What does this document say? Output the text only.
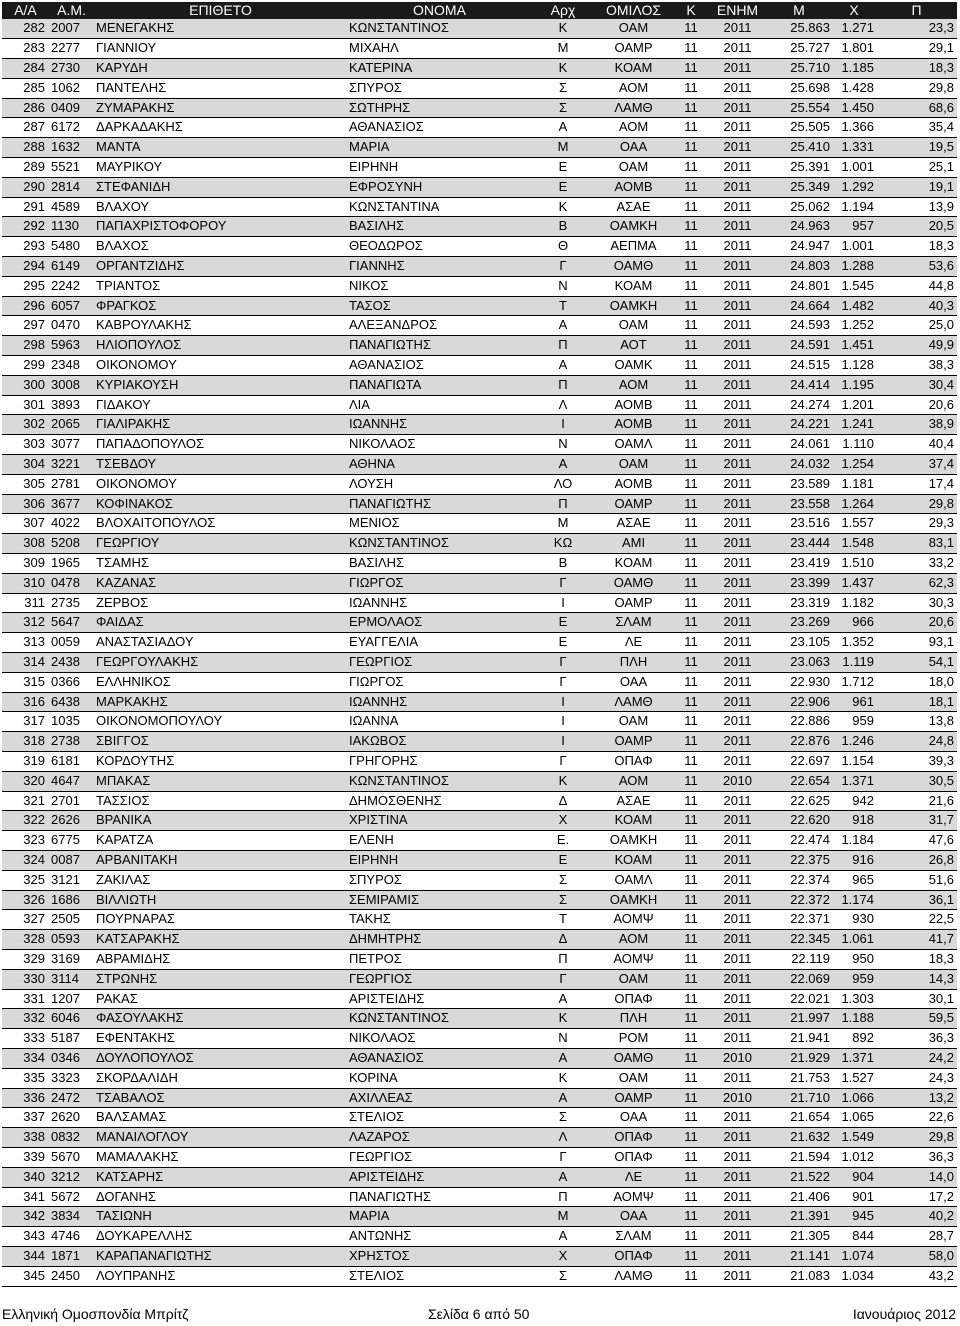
Α/Α	Α.Μ.	ΕΠΙΘΕΤΟ	ΟΝΟΜΑ	Αρχ	ΟΜΙΛΟΣ	Κ	ΕΝΗΜ	Μ	Χ	Π
282	2007	ΜΕΝΕΓΑΚΗΣ	ΚΩΝΣΤΑΝΤΙΝΟΣ	Κ	ΟΑΜ	11	2011	25.863	1.271	23,3
283	2277	ΓΙΑΝΝΙΟΥ	ΜΙΧΑΗΛ	Μ	ΟΑΜΡ	11	2011	25.727	1.801	29,1
284	2730	ΚΑΡΥΔΗ	ΚΑΤΕΡΙΝΑ	Κ	ΚΟΑΜ	11	2011	25.710	1.185	18,3
285	1062	ΠΑΝΤΕΛΗΣ	ΣΠΥΡΟΣ	Σ	ΑΟΜ	11	2011	25.698	1.428	29,8
286	0409	ΖΥΜΑΡΑΚΗΣ	ΣΩΤΗΡΗΣ	Σ	ΛΑΜΘ	11	2011	25.554	1.450	68,6
287	6172	ΔΑΡΚΑΔΑΚΗΣ	ΑΘΑΝΑΣΙΟΣ	Α	ΑΟΜ	11	2011	25.505	1.366	35,4
288	1632	ΜΑΝΤΑ	ΜΑΡΙΑ	Μ	ΟΑΑ	11	2011	25.410	1.331	19,5
289	5521	ΜΑΥΡΙΚΟΥ	ΕΙΡΗΝΗ	Ε	ΟΑΜ	11	2011	25.391	1.001	25,1
290	2814	ΣΤΕΦΑΝΙΔΗ	ΕΦΡΟΣΥΝΗ	Ε	ΑΟΜΒ	11	2011	25.349	1.292	19,1
291	4589	ΒΛΑΧΟΥ	ΚΩΝΣΤΑΝΤΙΝΑ	Κ	ΑΣΑΕ	11	2011	25.062	1.194	13,9
292	1130	ΠΑΠΑΧΡΙΣΤΟΦΟΡΟΥ	ΒΑΣΙΛΗΣ	Β	ΟΑΜΚΗ	11	2011	24.963	957	20,5
293	5480	ΒΛΑΧΟΣ	ΘΕΟΔΩΡΟΣ	Θ	ΑΕΠΜΑ	11	2011	24.947	1.001	18,3
294	6149	ΟΡΓΑΝΤΖΙΔΗΣ	ΓΙΑΝΝΗΣ	Γ	ΟΑΜΘ	11	2011	24.803	1.288	53,6
295	2242	ΤΡΙΑΝΤΟΣ	ΝΙΚΟΣ	Ν	ΚΟΑΜ	11	2011	24.801	1.545	44,8
296	6057	ΦΡΑΓΚΟΣ	ΤΑΣΟΣ	Τ	ΟΑΜΚΗ	11	2011	24.664	1.482	40,3
297	0470	ΚΑΒΡΟΥΛΑΚΗΣ	ΑΛΕΞΑΝΔΡΟΣ	Α	ΟΑΜ	11	2011	24.593	1.252	25,0
298	5963	ΗΛΙΟΠΟΥΛΟΣ	ΠΑΝΑΓΙΩΤΗΣ	Π	ΑΟΤ	11	2011	24.591	1.451	49,9
299	2348	ΟΙΚΟΝΟΜΟΥ	ΑΘΑΝΑΣΙΟΣ	Α	ΟΑΜΚ	11	2011	24.515	1.128	38,3
300	3008	ΚΥΡΙΑΚΟΥΣΗ	ΠΑΝΑΓΙΩΤΑ	Π	ΑΟΜ	11	2011	24.414	1.195	30,4
301	3893	ΓΙΔΑΚΟΥ	ΛΙΑ	Λ	ΑΟΜΒ	11	2011	24.274	1.201	20,6
302	2065	ΓΙΑΛΙΡΑΚΗΣ	ΙΩΑΝΝΗΣ	Ι	ΑΟΜΒ	11	2011	24.221	1.241	38,9
303	3077	ΠΑΠΑΔΟΠΟΥΛΟΣ	ΝΙΚΟΛΑΟΣ	Ν	ΟΑΜΛ	11	2011	24.061	1.110	40,4
304	3221	ΤΣΕΒΔΟΥ	ΑΘΗΝΑ	Α	ΟΑΜ	11	2011	24.032	1.254	37,4
305	2781	ΟΙΚΟΝΟΜΟΥ	ΛΟΥΣΗ	ΛΟ	ΑΟΜΒ	11	2011	23.589	1.181	17,4
306	3677	ΚΟΦΙΝΑΚΟΣ	ΠΑΝΑΓΙΩΤΗΣ	Π	ΟΑΜΡ	11	2011	23.558	1.264	29,8
307	4022	ΒΛΟΧΑΙΤΟΠΟΥΛΟΣ	ΜΕΝΙΟΣ	Μ	ΑΣΑΕ	11	2011	23.516	1.557	29,3
308	5208	ΓΕΩΡΓΙΟΥ	ΚΩΝΣΤΑΝΤΙΝΟΣ	ΚΩ	ΑΜΙ	11	2011	23.444	1.548	83,1
309	1965	ΤΣΑΜΗΣ	ΒΑΣΙΛΗΣ	Β	ΚΟΑΜ	11	2011	23.419	1.510	33,2
310	0478	ΚΑΖΑΝΑΣ	ΓΙΩΡΓΟΣ	Γ	ΟΑΜΘ	11	2011	23.399	1.437	62,3
311	2735	ΖΕΡΒΟΣ	ΙΩΑΝΝΗΣ	Ι	ΟΑΜΡ	11	2011	23.319	1.182	30,3
312	5647	ΦΑΙΔΑΣ	ΕΡΜΟΛΑΟΣ	Ε	ΣΛΑΜ	11	2011	23.269	966	20,6
313	0059	ΑΝΑΣΤΑΣΙΑΔΟΥ	ΕΥΑΓΓΕΛΙΑ	Ε	ΛΕ	11	2011	23.105	1.352	93,1
314	2438	ΓΕΩΡΓΟΥΛΑΚΗΣ	ΓΕΩΡΓΙΟΣ	Γ	ΠΛΗ	11	2011	23.063	1.119	54,1
315	0366	ΕΛΛΗΝΙΚΟΣ	ΓΙΩΡΓΟΣ	Γ	ΟΑΑ	11	2011	22.930	1.712	18,0
316	6438	ΜΑΡΚΑΚΗΣ	ΙΩΑΝΝΗΣ	Ι	ΛΑΜΘ	11	2011	22.906	961	18,1
317	1035	ΟΙΚΟΝΟΜΟΠΟΥΛΟΥ	ΙΩΑΝΝΑ	Ι	ΟΑΜ	11	2011	22.886	959	13,8
318	2738	ΣΒΙΓΓΟΣ	ΙΑΚΩΒΟΣ	Ι	ΟΑΜΡ	11	2011	22.876	1.246	24,8
319	6181	ΚΟΡΔΟΥΤΗΣ	ΓΡΗΓΟΡΗΣ	Γ	ΟΠΑΦ	11	2011	22.697	1.154	39,3
320	4647	ΜΠΑΚΑΣ	ΚΩΝΣΤΑΝΤΙΝΟΣ	Κ	ΑΟΜ	11	2010	22.654	1.371	30,5
321	2701	ΤΑΣΣΙΟΣ	ΔΗΜΟΣΘΕΝΗΣ	Δ	ΑΣΑΕ	11	2011	22.625	942	21,6
322	2626	ΒΡΑΝΙΚΑ	ΧΡΙΣΤΙΝΑ	Χ	ΚΟΑΜ	11	2011	22.620	918	31,7
323	6775	ΚΑΡΑΤΖΑ	ΕΛΕΝΗ	Ε.	ΟΑΜΚΗ	11	2011	22.474	1.184	47,6
324	0087	ΑΡΒΑΝΙΤΑΚΗ	ΕΙΡΗΝΗ	Ε	ΚΟΑΜ	11	2011	22.375	916	26,8
325	3121	ΖΑΚΙΛΑΣ	ΣΠΥΡΟΣ	Σ	ΟΑΜΛ	11	2011	22.374	965	51,6
326	1686	ΒΙΛΛΙΩΤΗ	ΣΕΜΙΡΑΜΙΣ	Σ	ΟΑΜΚΗ	11	2011	22.372	1.174	36,1
327	2505	ΠΟΥΡΝΑΡΑΣ	ΤΑΚΗΣ	Τ	ΑΟΜΨ	11	2011	22.371	930	22,5
328	0593	ΚΑΤΣΑΡΑΚΗΣ	ΔΗΜΗΤΡΗΣ	Δ	ΑΟΜ	11	2011	22.345	1.061	41,7
329	3169	ΑΒΡΑΜΙΔΗΣ	ΠΕΤΡΟΣ	Π	ΑΟΜΨ	11	2011	22.119	950	18,3
330	3114	ΣΤΡΩΝΗΣ	ΓΕΩΡΓΙΟΣ	Γ	ΟΑΜ	11	2011	22.069	959	14,3
331	1207	ΡΑΚΑΣ	ΑΡΙΣΤΕΙΔΗΣ	Α	ΟΠΑΦ	11	2011	22.021	1.303	30,1
332	6046	ΦΑΣΟΥΛΑΚΗΣ	ΚΩΝΣΤΑΝΤΙΝΟΣ	Κ	ΠΛΗ	11	2011	21.997	1.188	59,5
333	5187	ΕΦΕΝΤΑΚΗΣ	ΝΙΚΟΛΑΟΣ	Ν	ΡΟΜ	11	2011	21.941	892	36,3
334	0346	ΔΟΥΛΟΠΟΥΛΟΣ	ΑΘΑΝΑΣΙΟΣ	Α	ΟΑΜΘ	11	2010	21.929	1.371	24,2
335	3323	ΣΚΟΡΔΑΛΙΔΗ	ΚΟΡΙΝΑ	Κ	ΟΑΜ	11	2011	21.753	1.527	24,3
336	2472	ΤΣΑΒΑΛΟΣ	ΑΧΙΛΛΕΑΣ	Α	ΟΑΜΡ	11	2010	21.710	1.066	13,2
337	2620	ΒΑΛΣΑΜΑΣ	ΣΤΕΛΙΟΣ	Σ	ΟΑΑ	11	2011	21.654	1.065	22,6
338	0832	ΜΑΝΑΙΛΟΓΛΟΥ	ΛΑΖΑΡΟΣ	Λ	ΟΠΑΦ	11	2011	21.632	1.549	29,8
339	5670	ΜΑΜΑΛΑΚΗΣ	ΓΕΩΡΓΙΟΣ	Γ	ΟΠΑΦ	11	2011	21.594	1.012	36,3
340	3212	ΚΑΤΣΑΡΗΣ	ΑΡΙΣΤΕΙΔΗΣ	Α	ΛΕ	11	2011	21.522	904	14,0
341	5672	ΔΟΓΑΝΗΣ	ΠΑΝΑΓΙΩΤΗΣ	Π	ΑΟΜΨ	11	2011	21.406	901	17,2
342	3834	ΤΑΣΙΩΝΗ	ΜΑΡΙΑ	Μ	ΟΑΑ	11	2011	21.391	945	40,2
343	4746	ΔΟΥΚΑΡΕΛΛΗΣ	ΑΝΤΩΝΗΣ	Α	ΣΛΑΜ	11	2011	21.305	844	28,7
344	1871	ΚΑΡΑΠΑΝΑΓΙΩΤΗΣ	ΧΡΗΣΤΟΣ	Χ	ΟΠΑΦ	11	2011	21.141	1.074	58,0
345	2450	ΛΟΥΠΡΑΝΗΣ	ΣΤΕΛΙΟΣ	Σ	ΛΑΜΘ	11	2011	21.083	1.034	43,2
Ελληνική Ομοσπονδία Μπρίτζ	Σελίδα 6 από 50	Ιανουάριος 2012
